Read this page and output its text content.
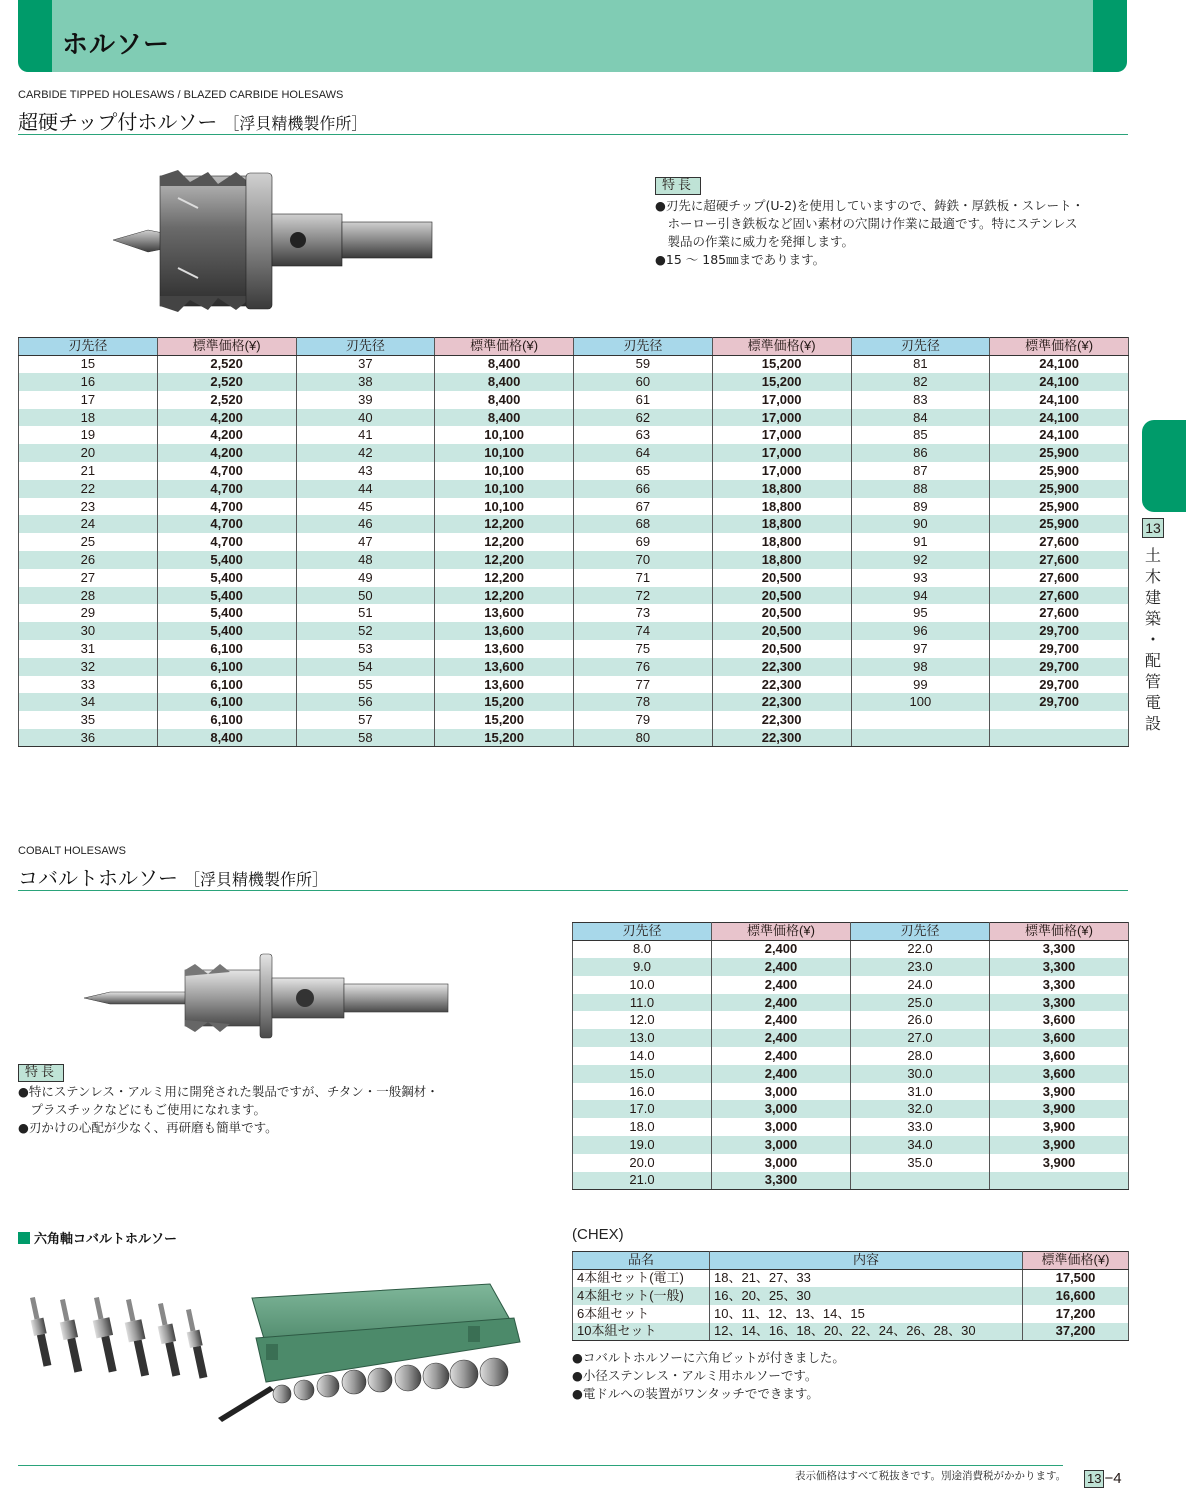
ホルソー
13
土
木
建
築
・
配
管
電
設
CARBIDE TIPPED HOLESAWS / BLAZED CARBIDE HOLESAWS
超硬チップ付ホルソー ［浮貝精機製作所］
特長

●刃先に超硬チップ(U-2)を使用していますので、鋳鉄・厚鉄板・スレート・

　ホーロー引き鉄板など固い素材の穴開け作業に最適です。特にステンレス

　製品の作業に威力を発揮します。

●15 ～ 185㎜まであります。

刃先径	標準価格(¥)	刃先径	標準価格(¥)	刃先径	標準価格(¥)	刃先径	標準価格(¥)
15	2,520	37	8,400	59	15,200	81	24,100
16	2,520	38	8,400	60	15,200	82	24,100
17	2,520	39	8,400	61	17,000	83	24,100
18	4,200	40	8,400	62	17,000	84	24,100
19	4,200	41	10,100	63	17,000	85	24,100
20	4,200	42	10,100	64	17,000	86	25,900
21	4,700	43	10,100	65	17,000	87	25,900
22	4,700	44	10,100	66	18,800	88	25,900
23	4,700	45	10,100	67	18,800	89	25,900
24	4,700	46	12,200	68	18,800	90	25,900
25	4,700	47	12,200	69	18,800	91	27,600
26	5,400	48	12,200	70	18,800	92	27,600
27	5,400	49	12,200	71	20,500	93	27,600
28	5,400	50	12,200	72	20,500	94	27,600
29	5,400	51	13,600	73	20,500	95	27,600
30	5,400	52	13,600	74	20,500	96	29,700
31	6,100	53	13,600	75	20,500	97	29,700
32	6,100	54	13,600	76	22,300	98	29,700
33	6,100	55	13,600	77	22,300	99	29,700
34	6,100	56	15,200	78	22,300	100	29,700
35	6,100	57	15,200	79	22,300		
36	8,400	58	15,200	80	22,300		
COBALT HOLESAWS
コバルトホルソー ［浮貝精機製作所］
特長

●特にステンレス・アルミ用に開発された製品ですが、チタン・一般鋼材・

　プラスチックなどにもご使用になれます。

●刃かけの心配が少なく、再研磨も簡単です。

刃先径	標準価格(¥)	刃先径	標準価格(¥)
8.0	2,400	22.0	3,300
9.0	2,400	23.0	3,300
10.0	2,400	24.0	3,300
11.0	2,400	25.0	3,300
12.0	2,400	26.0	3,600
13.0	2,400	27.0	3,600
14.0	2,400	28.0	3,600
15.0	2,400	30.0	3,600
16.0	3,000	31.0	3,900
17.0	3,000	32.0	3,900
18.0	3,000	33.0	3,900
19.0	3,000	34.0	3,900
20.0	3,000	35.0	3,900
21.0	3,300		
六角軸コバルトホルソー	(CHEX)
品名	内容	標準価格(¥)
4本組セット(電工)	18、21、27、33	17,500
4本組セット(一般)	16、20、25、30	16,600
6本組セット	10、11、12、13、14、15	17,200
10本組セット	12、14、16、18、20、22、24、26、28、30	37,200

●コバルトホルソーに六角ビットが付きました。

●小径ステンレス・アルミ用ホルソーです。

●電ドルへの装置がワンタッチでできます。

表示価格はすべて税抜きです。別途消費税がかかります。 13 −4
